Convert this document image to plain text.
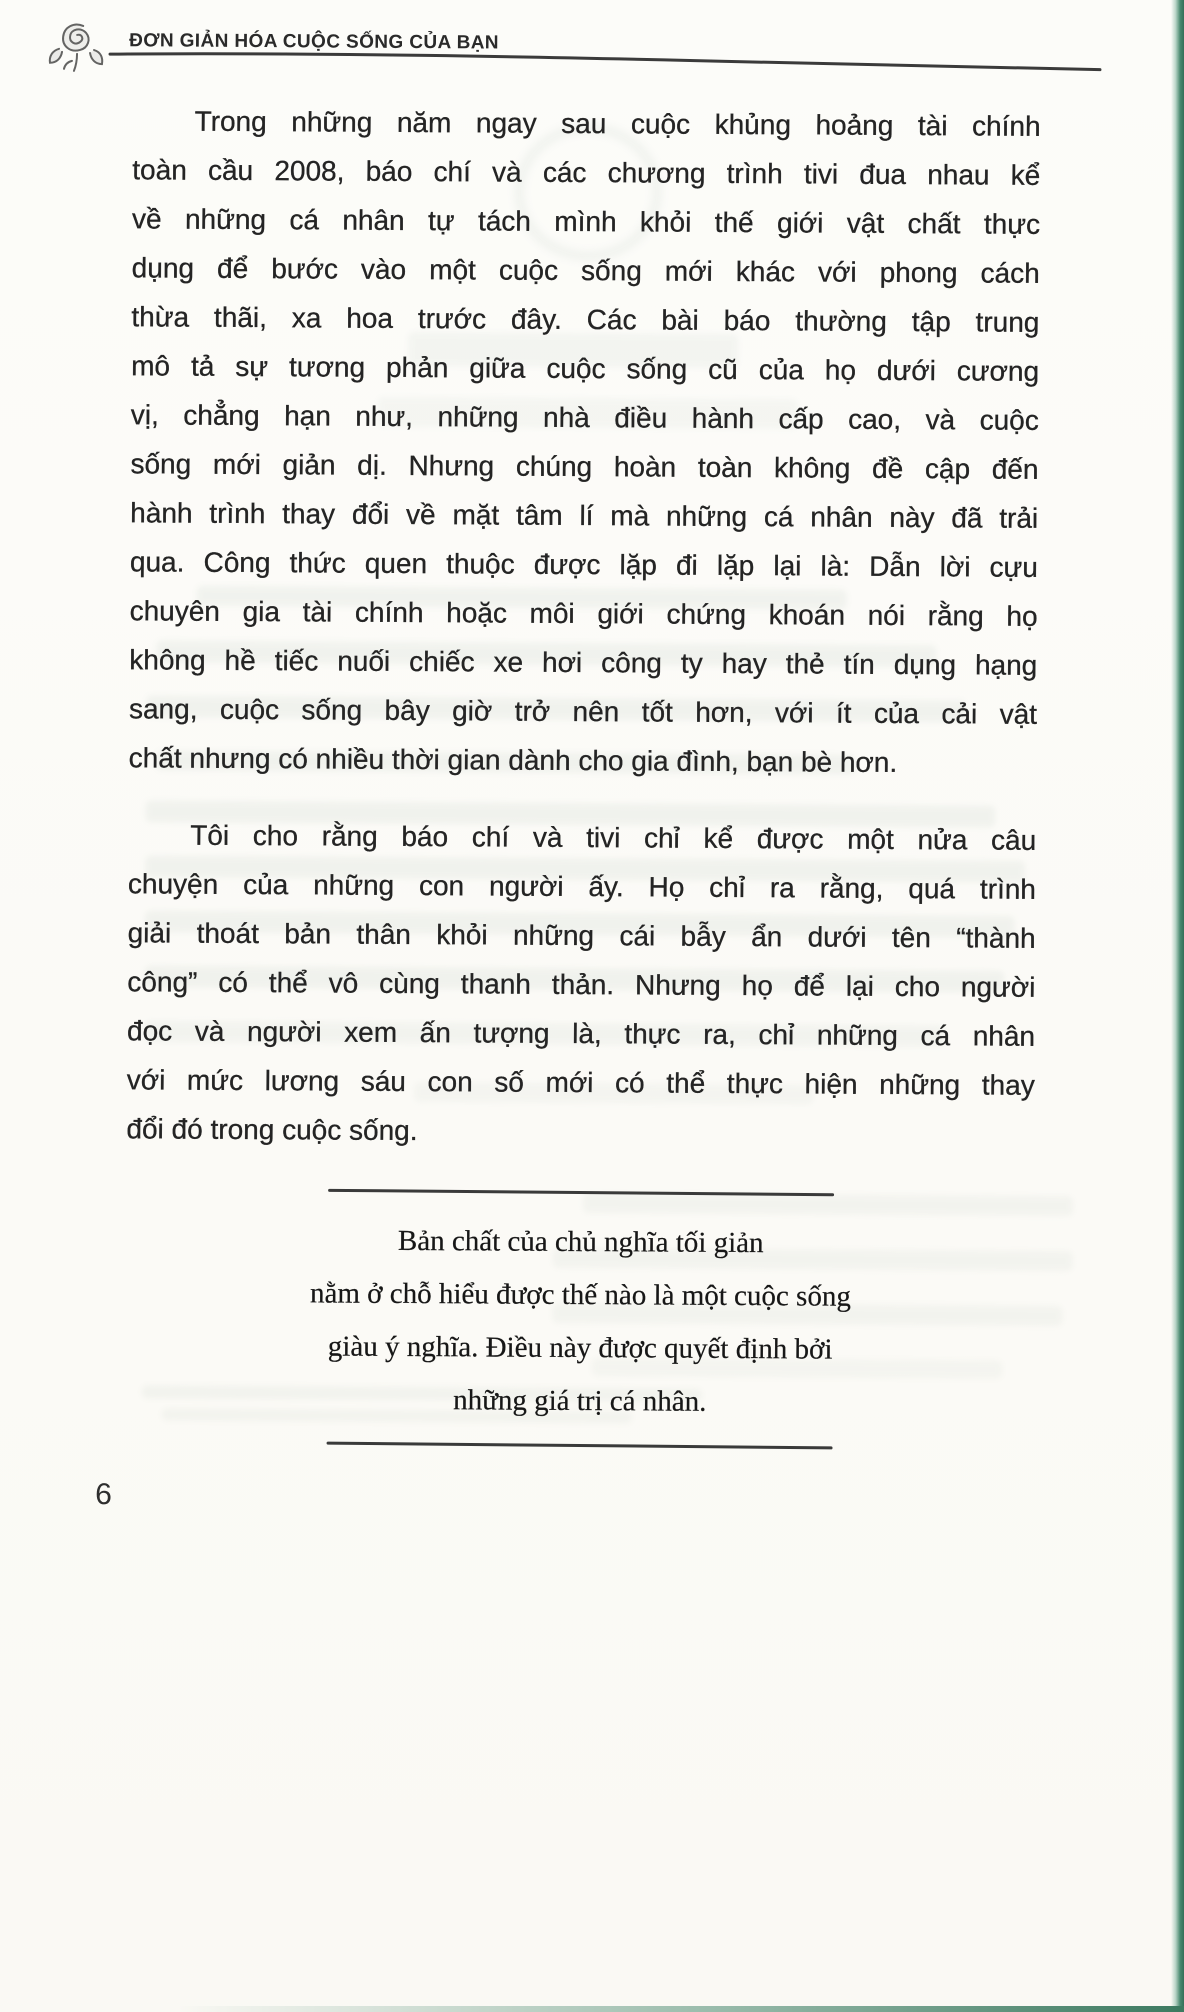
ĐƠN GIẢN HÓA CUỘC SỐNG CỦA BẠN
Trong những năm ngay sau cuộc khủng hoảng tài chính
toàn cầu 2008, báo chí và các chương trình tivi đua nhau kể
về những cá nhân tự tách mình khỏi thế giới vật chất thực
dụng để bước vào một cuộc sống mới khác với phong cách
thừa thãi, xa hoa trước đây. Các bài báo thường tập trung
mô tả sự tương phản giữa cuộc sống cũ của họ dưới cương
vị, chẳng hạn như, những nhà điều hành cấp cao, và cuộc
sống mới giản dị. Nhưng chúng hoàn toàn không đề cập đến
hành trình thay đổi về mặt tâm lí mà những cá nhân này đã trải
qua. Công thức quen thuộc được lặp đi lặp lại là: Dẫn lời cựu
chuyên gia tài chính hoặc môi giới chứng khoán nói rằng họ
không hề tiếc nuối chiếc xe hơi công ty hay thẻ tín dụng hạng
sang, cuộc sống bây giờ trở nên tốt hơn, với ít của cải vật
chất nhưng có nhiều thời gian dành cho gia đình, bạn bè hơn.
Tôi cho rằng báo chí và tivi chỉ kể được một nửa câu
chuyện của những con người ấy. Họ chỉ ra rằng, quá trình
giải thoát bản thân khỏi những cái bẫy ẩn dưới tên “thành
công” có thể vô cùng thanh thản. Nhưng họ để lại cho người
đọc và người xem ấn tượng là, thực ra, chỉ những cá nhân
với mức lương sáu con số mới có thể thực hiện những thay
đổi đó trong cuộc sống.
Bản chất của chủ nghĩa tối giản
nằm ở chỗ hiểu được thế nào là một cuộc sống
giàu ý nghĩa. Điều này được quyết định bởi
những giá trị cá nhân.
6
